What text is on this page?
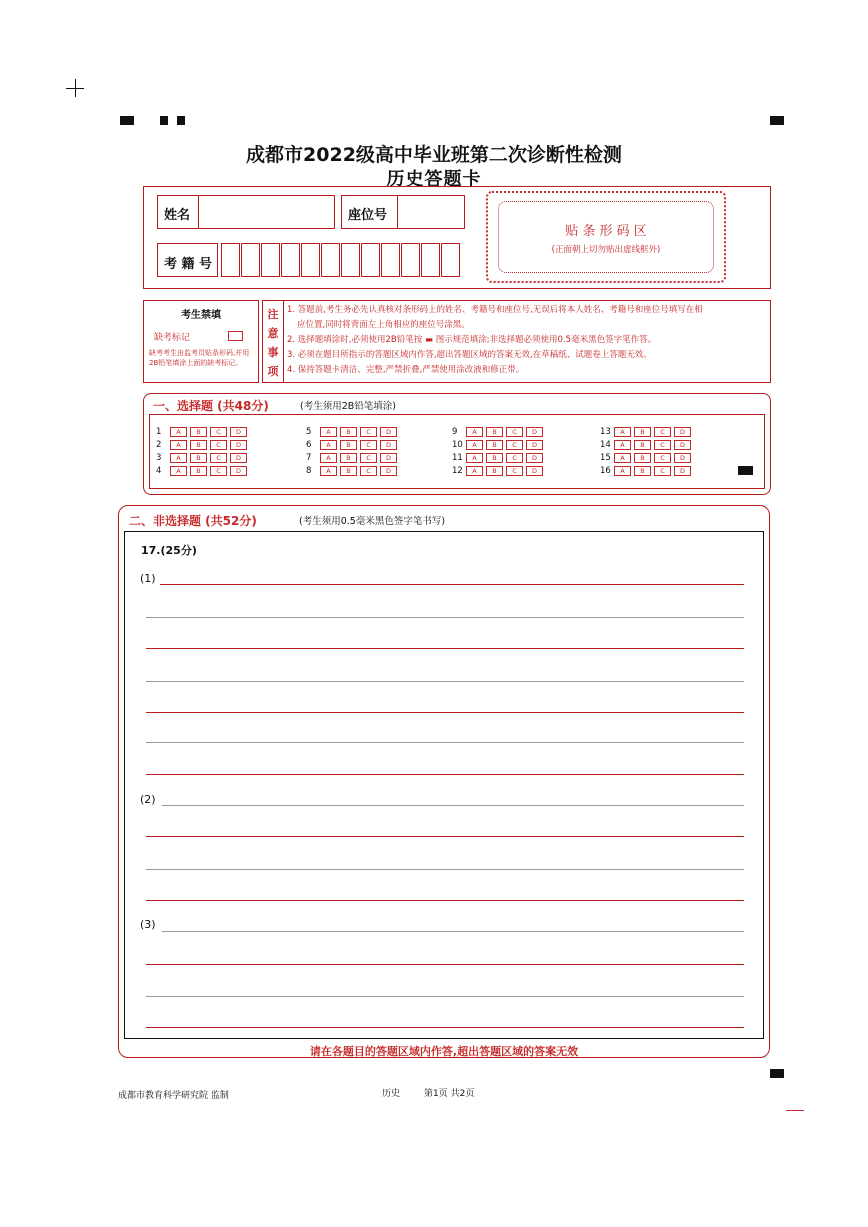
成都市2022级高中毕业班第二次诊断性检测
历史答题卡
姓名	座位号
考 籍 号
贴 条 形 码 区
(正面朝上切勿贴出虚线框外)
考生禁填
缺考标记
缺考考生由监考员贴条形码,并用2B铅笔填涂上面的缺考标记。
注
意
事
项

1. 答题前,考生务必先认真核对条形码上的姓名、考籍号和座位号,无误后将本人姓名、考籍号和座位号填写在相

应位置,同时将背面左上角相应的座位号涂黑。

2. 选择题填涂时,必须使用2B铅笔按 ▬ 图示规范填涂;非选择题必须使用0.5毫米黑色签字笔作答。

3. 必须在题目所指示的答题区域内作答,超出答题区域的答案无效,在草稿纸、试题卷上答题无效。

4. 保持答题卡清洁、完整,严禁折叠,严禁使用涂改液和修正带。

一、选择题 (共48分)	(考生须用2B铅笔填涂)
1	A	B	C	D
2	A	B	C	D
3	A	B	C	D
4	A	B	C	D
5	A	B	C	D
6	A	B	C	D
7	A	B	C	D
8	A	B	C	D
9	A	B	C	D
10	A	B	C	D
11	A	B	C	D
12	A	B	C	D
13	A	B	C	D
14	A	B	C	D
15	A	B	C	D
16	A	B	C	D
二、非选择题 (共52分)	(考生须用0.5毫米黑色签字笔书写)
17.(25分)
(1)
(2)
(3)
请在各题目的答题区域内作答,超出答题区域的答案无效
成都市教育科学研究院 监制	历史	第1页 共2页
